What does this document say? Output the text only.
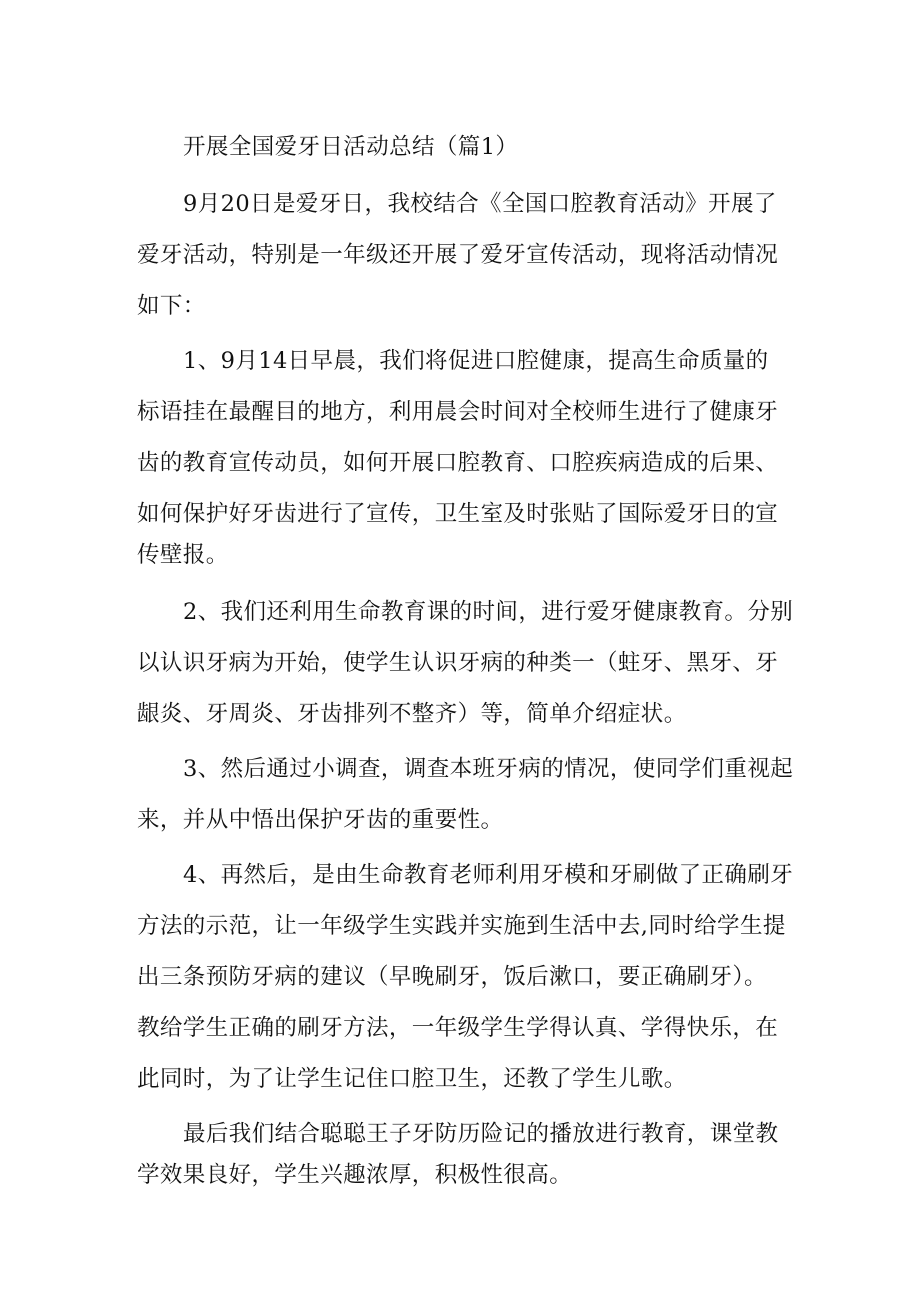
开展全国爱牙日活动总结（篇1）
9月20日是爱牙日，我校结合《全国口腔教育活动》开展了
爱牙活动，特别是一年级还开展了爱牙宣传活动，现将活动情况
如下：
1、9月14日早晨，我们将促进口腔健康，提高生命质量的
标语挂在最醒目的地方，利用晨会时间对全校师生进行了健康牙
齿的教育宣传动员，如何开展口腔教育、口腔疾病造成的后果、
如何保护好牙齿进行了宣传，卫生室及时张贴了国际爱牙日的宣
传壁报。
2、我们还利用生命教育课的时间，进行爱牙健康教育。分别
以认识牙病为开始，使学生认识牙病的种类一（蛀牙、黑牙、牙
龈炎、牙周炎、牙齿排列不整齐）等，简单介绍症状。
3、然后通过小调查，调查本班牙病的情况，使同学们重视起
来，并从中悟出保护牙齿的重要性。
4、再然后，是由生命教育老师利用牙模和牙刷做了正确刷牙
方法的示范，让一年级学生实践并实施到生活中去,同时给学生提
出三条预防牙病的建议（早晚刷牙，饭后漱口，要正确刷牙）。
教给学生正确的刷牙方法，一年级学生学得认真、学得快乐，在
此同时，为了让学生记住口腔卫生，还教了学生儿歌。
最后我们结合聪聪王子牙防历险记的播放进行教育，课堂教
学效果良好，学生兴趣浓厚，积极性很高。
